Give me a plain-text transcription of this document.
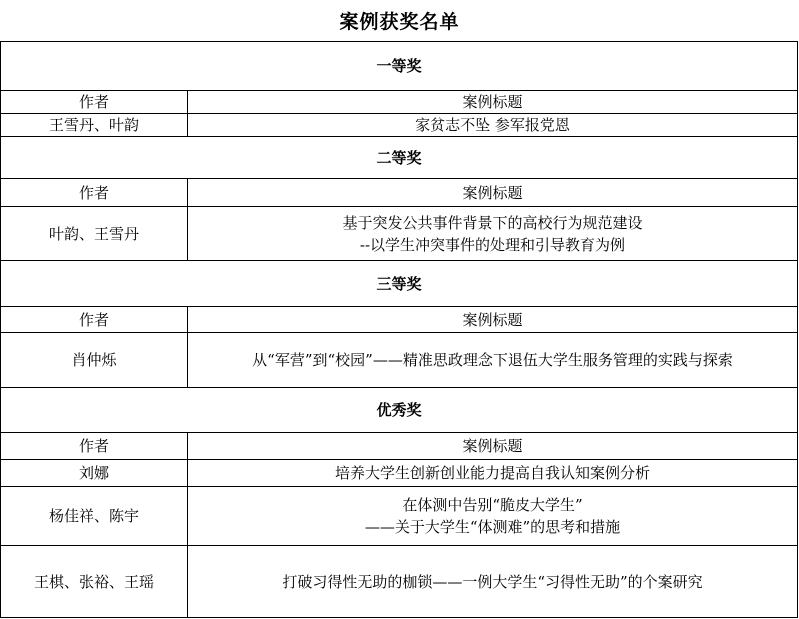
案例获奖名单
一等奖	
作者	案例标题
王雪丹、叶韵	家贫志不坠 参军报党恩

二等奖	
作者	案例标题
叶韵、王雪丹	基于突发公共事件背景下的高校行为规范建设
--以学生冲突事件的处理和引导教育为例

三等奖	
作者	案例标题
肖仲烁	从“军营”到“校园”——精准思政理念下退伍大学生服务管理的实践与探索

优秀奖	
作者	案例标题
刘娜	培养大学生创新创业能力提高自我认知案例分析

杨佳祥、陈宇	在体测中告别“脆皮大学生”
——关于大学生“体测难”的思考和措施

王棋、张裕、王瑶	打破习得性无助的枷锁——一例大学生“习得性无助”的个案研究
